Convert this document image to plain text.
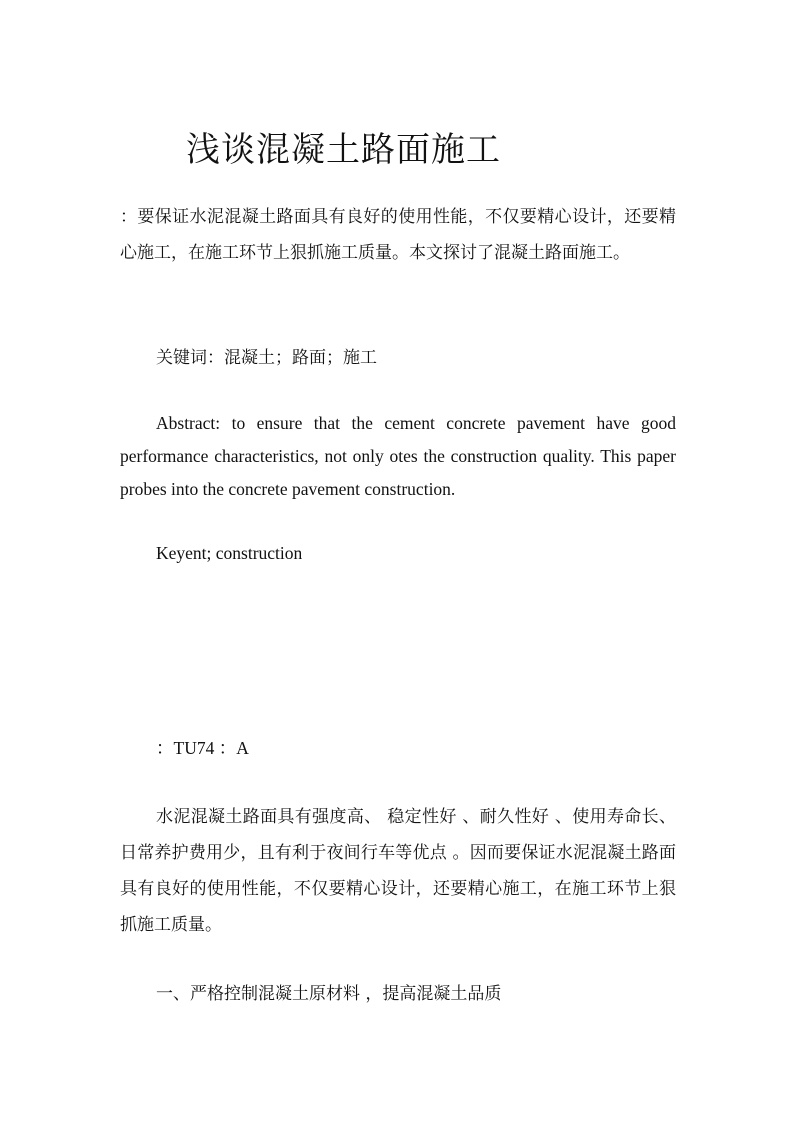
浅谈混凝土路面施工

：要保证水泥混凝土路面具有良好的使用性能，不仅要精心设计，还要精心施工，在施工环节上狠抓施工质量。本文探讨了混凝土路面施工。

关键词：混凝土；路面；施工

Abstract: to ensure that the cement concrete pavement have good performance characteristics, not only otes the construction quality. This paper probes into the concrete pavement construction.

Keyent; construction

：TU74 ：A

水泥混凝土路面具有强度高、 稳定性好 、耐久性好 、使用寿命长、 日常养护费用少，且有利于夜间行车等优点 。因而要保证水泥混凝土路面具有良好的使用性能，不仅要精心设计，还要精心施工，在施工环节上狠抓施工质量。

一、严格控制混凝土原材料 ，提高混凝土品质
